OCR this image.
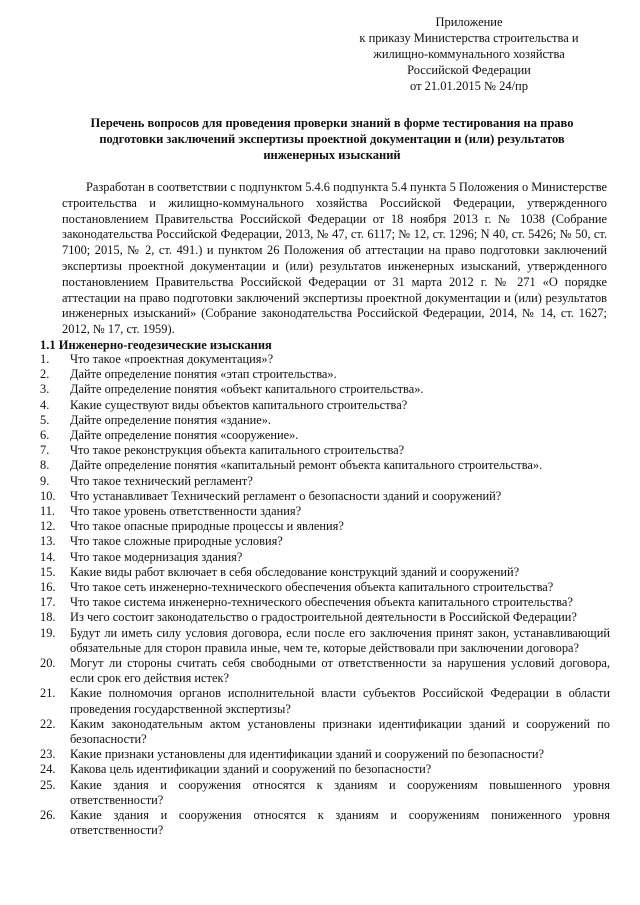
Приложение
к приказу Министерства строительства и
жилищно-коммунального хозяйства
Российской Федерации
от 21.01.2015 № 24/пр
Перечень вопросов для проведения проверки знаний в форме тестирования на право подготовки заключений экспертизы проектной документации и (или) результатов инженерных изысканий
Разработан в соответствии с подпунктом 5.4.6 подпункта 5.4 пункта 5 Положения о Министерстве строительства и жилищно-коммунального хозяйства Российской Федерации, утвержденного постановлением Правительства Российской Федерации от 18 ноября 2013 г. № 1038 (Собрание законодательства Российской Федерации, 2013, № 47, ст. 6117; № 12, ст. 1296; N 40, ст. 5426; № 50, ст. 7100; 2015, № 2, ст. 491.) и пунктом 26 Положения об аттестации на право подготовки заключений экспертизы проектной документации и (или) результатов инженерных изысканий, утвержденного постановлением Правительства Российской Федерации от 31 марта 2012 г. № 271 «О порядке аттестации на право подготовки заключений экспертизы проектной документации и (или) результатов инженерных изысканий» (Собрание законодательства Российской Федерации, 2014, № 14, ст. 1627; 2012, № 17, ст. 1959).
1.1 Инженерно-геодезические изыскания
1. Что такое «проектная документация»?
2. Дайте определение понятия «этап строительства».
3. Дайте определение понятия «объект капитального строительства».
4. Какие существуют виды объектов капитального строительства?
5. Дайте определение понятия «здание».
6. Дайте определение понятия «сооружение».
7. Что такое реконструкция объекта капитального строительства?
8. Дайте определение понятия «капитальный ремонт объекта капитального строительства».
9. Что такое технический регламент?
10. Что устанавливает Технический регламент о безопасности зданий и сооружений?
11. Что такое уровень ответственности здания?
12. Что такое опасные природные процессы и явления?
13. Что такое сложные природные условия?
14. Что такое модернизация здания?
15. Какие виды работ включает в себя обследование конструкций зданий и сооружений?
16. Что такое сеть инженерно-технического обеспечения объекта капитального строительства?
17. Что такое система инженерно-технического обеспечения объекта капитального строительства?
18. Из чего состоит законодательство о градостроительной деятельности в Российской Федерации?
19. Будут ли иметь силу условия договора, если после его заключения принят закон, устанавливающий обязательные для сторон правила иные, чем те, которые действовали при заключении договора?
20. Могут ли стороны считать себя свободными от ответственности за нарушения условий договора, если срок его действия истек?
21. Какие полномочия органов исполнительной власти субъектов Российской Федерации в области проведения государственной экспертизы?
22. Каким законодательным актом установлены признаки идентификации зданий и сооружений по безопасности?
23. Какие признаки установлены для идентификации зданий и сооружений по безопасности?
24. Какова цель идентификации зданий и сооружений по безопасности?
25. Какие здания и сооружения относятся к зданиям и сооружениям повышенного уровня ответственности?
26. Какие здания и сооружения относятся к зданиям и сооружениям пониженного уровня ответственности?
